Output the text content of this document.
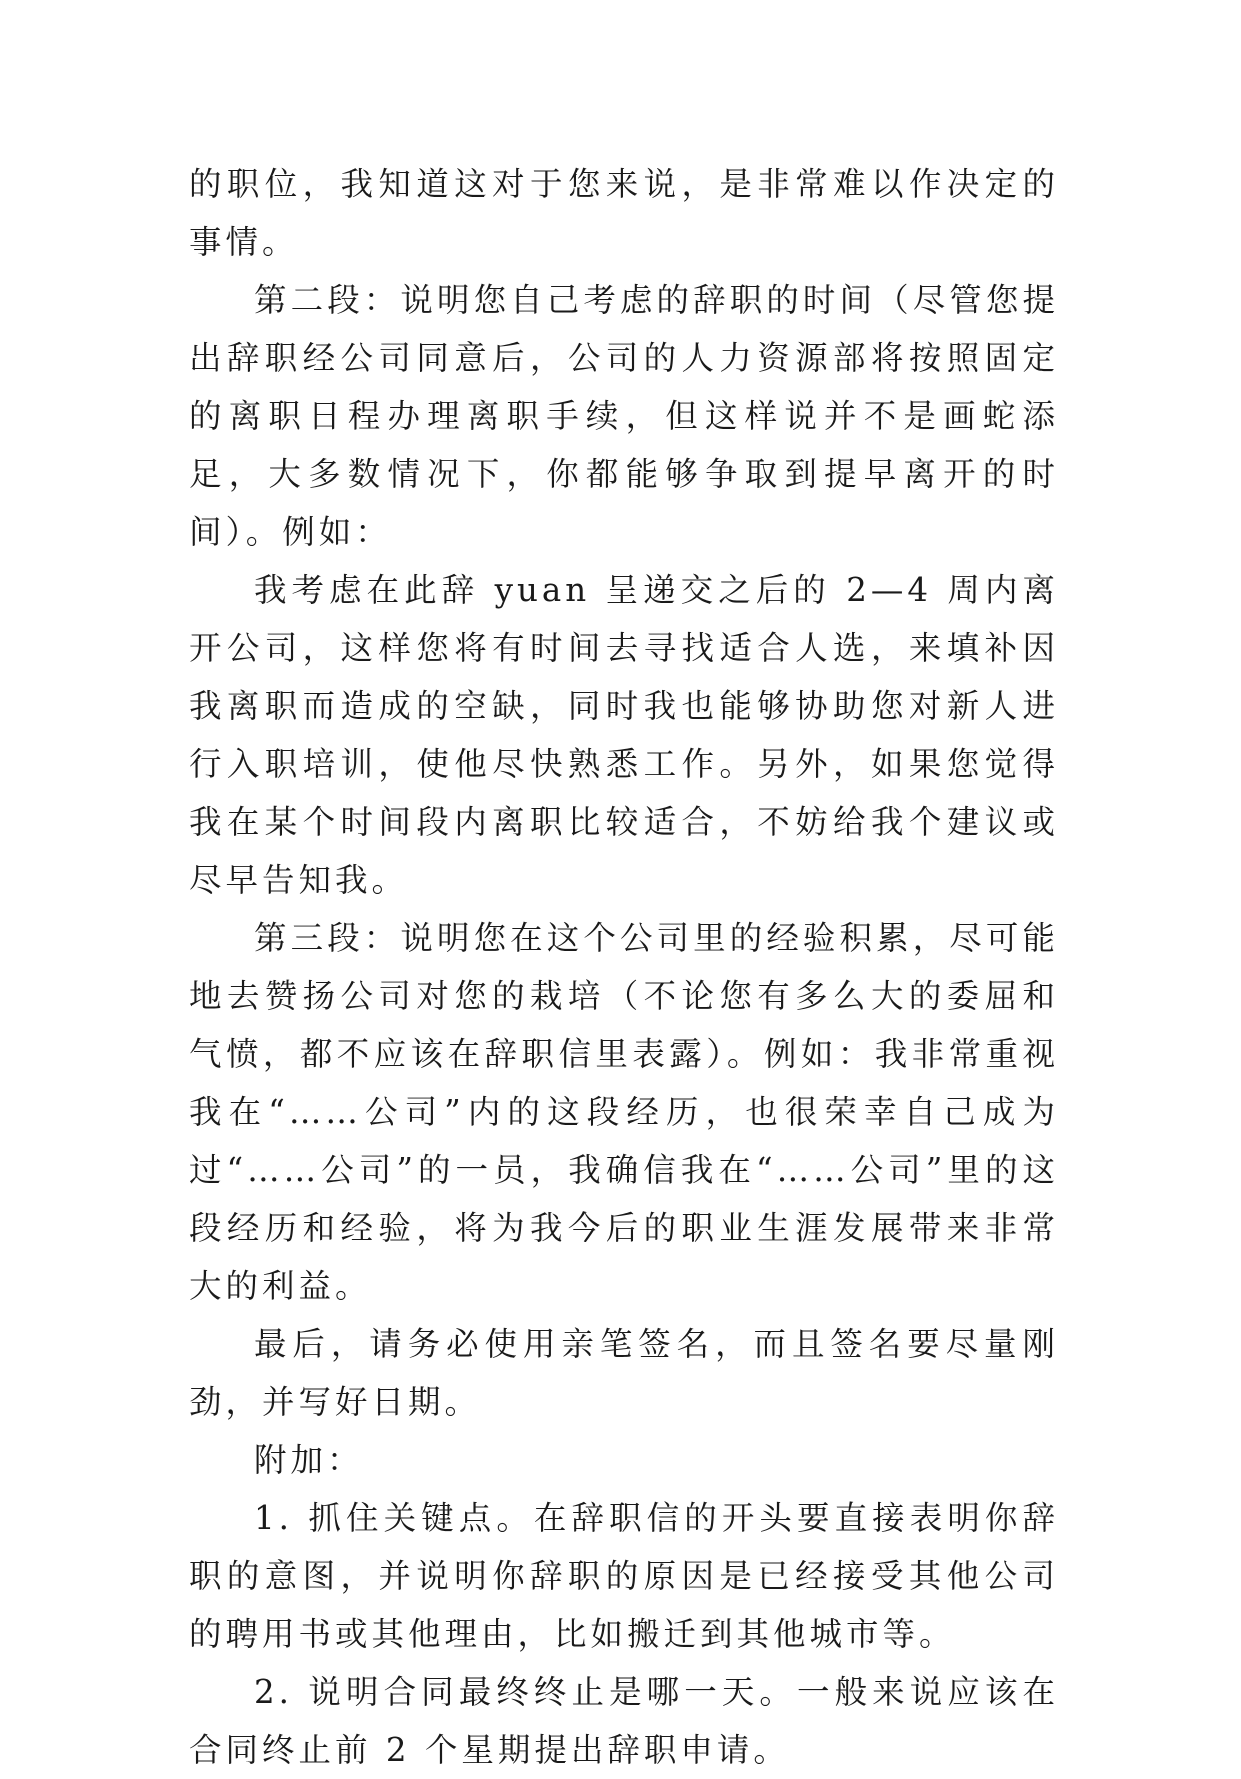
的职位，我知道这对于您来说，是非常难以作决定的事情。

第二段：说明您自己考虑的辞职的时间（尽管您提出辞职经公司同意后，公司的人力资源部将按照固定的离职日程办理离职手续，但这样说并不是画蛇添足，大多数情况下，你都能够争取到提早离开的时间）。例如：

我考虑在此辞 yuan 呈递交之后的 2—4 周内离开公司，这样您将有时间去寻找适合人选，来填补因我离职而造成的空缺，同时我也能够协助您对新人进行入职培训，使他尽快熟悉工作。另外，如果您觉得我在某个时间段内离职比较适合，不妨给我个建议或尽早告知我。

第三段：说明您在这个公司里的经验积累，尽可能地去赞扬公司对您的栽培（不论您有多么大的委屈和气愤，都不应该在辞职信里表露）。例如：我非常重视我在“……公司”内的这段经历，也很荣幸自己成为过“……公司”的一员，我确信我在“……公司”里的这段经历和经验，将为我今后的职业生涯发展带来非常大的利益。

最后，请务必使用亲笔签名，而且签名要尽量刚劲，并写好日期。

附加：

1. 抓住关键点。在辞职信的开头要直接表明你辞职的意图，并说明你辞职的原因是已经接受其他公司的聘用书或其他理由，比如搬迁到其他城市等。

2. 说明合同最终终止是哪一天。一般来说应该在合同终止前 2 个星期提出辞职申请。
